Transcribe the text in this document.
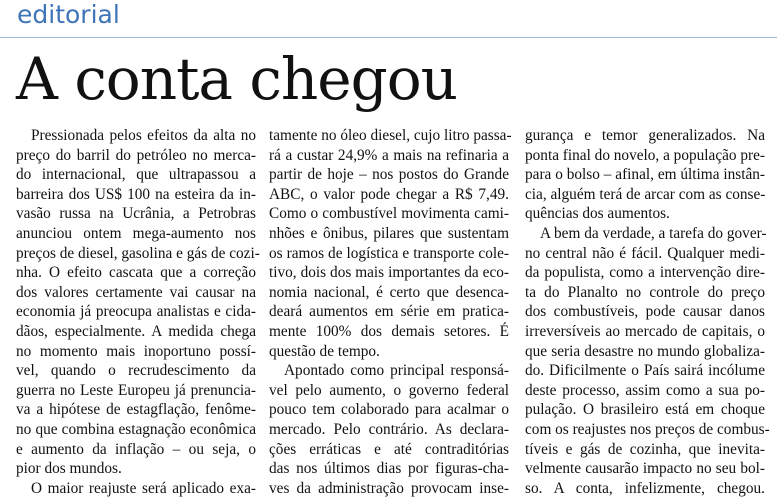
editorial
A conta chegou
Pressionada pelos efeitos da alta no
preço do barril do petróleo no merca-
do internacional, que ultrapassou a
barreira dos US$ 100 na esteira da in-
vasão russa na Ucrânia, a Petrobras
anunciou ontem mega-aumento nos
preços de diesel, gasolina e gás de cozi-
nha. O efeito cascata que a correção
dos valores certamente vai causar na
economia já preocupa analistas e cida-
dãos, especialmente. A medida chega
no momento mais inoportuno possí-
vel, quando o recrudescimento da
guerra no Leste Europeu já prenuncia-
va a hipótese de estagflação, fenôme-
no que combina estagnação econômica
e aumento da inflação – ou seja, o
pior dos mundos.
O maior reajuste será aplicado exa-
tamente no óleo diesel, cujo litro passa-
rá a custar 24,9% a mais na refinaria a
partir de hoje – nos postos do Grande
ABC, o valor pode chegar a R$ 7,49.
Como o combustível movimenta cami-
nhões e ônibus, pilares que sustentam
os ramos de logística e transporte cole-
tivo, dois dos mais importantes da eco-
nomia nacional, é certo que desenca-
deará aumentos em série em pratica-
mente 100% dos demais setores. É
questão de tempo.
Apontado como principal responsá-
vel pelo aumento, o governo federal
pouco tem colaborado para acalmar o
mercado. Pelo contrário. As declara-
ções erráticas e até contraditórias
das nos últimos dias por figuras-cha-
ves da administração provocam inse-
gurança e temor generalizados. Na
ponta final do novelo, a população pre-
para o bolso – afinal, em última instân-
cia, alguém terá de arcar com as conse-
quências dos aumentos.
A bem da verdade, a tarefa do gover-
no central não é fácil. Qualquer medi-
da populista, como a intervenção dire-
ta do Planalto no controle do preço
dos combustíveis, pode causar danos
irreversíveis ao mercado de capitais, o
que seria desastre no mundo globaliza-
do. Dificilmente o País sairá incólume
deste processo, assim como a sua po-
pulação. O brasileiro está em choque
com os reajustes nos preços de combus-
tíveis e gás de cozinha, que inevita-
velmente causarão impacto no seu bol-
so. A conta, infelizmente, chegou.
